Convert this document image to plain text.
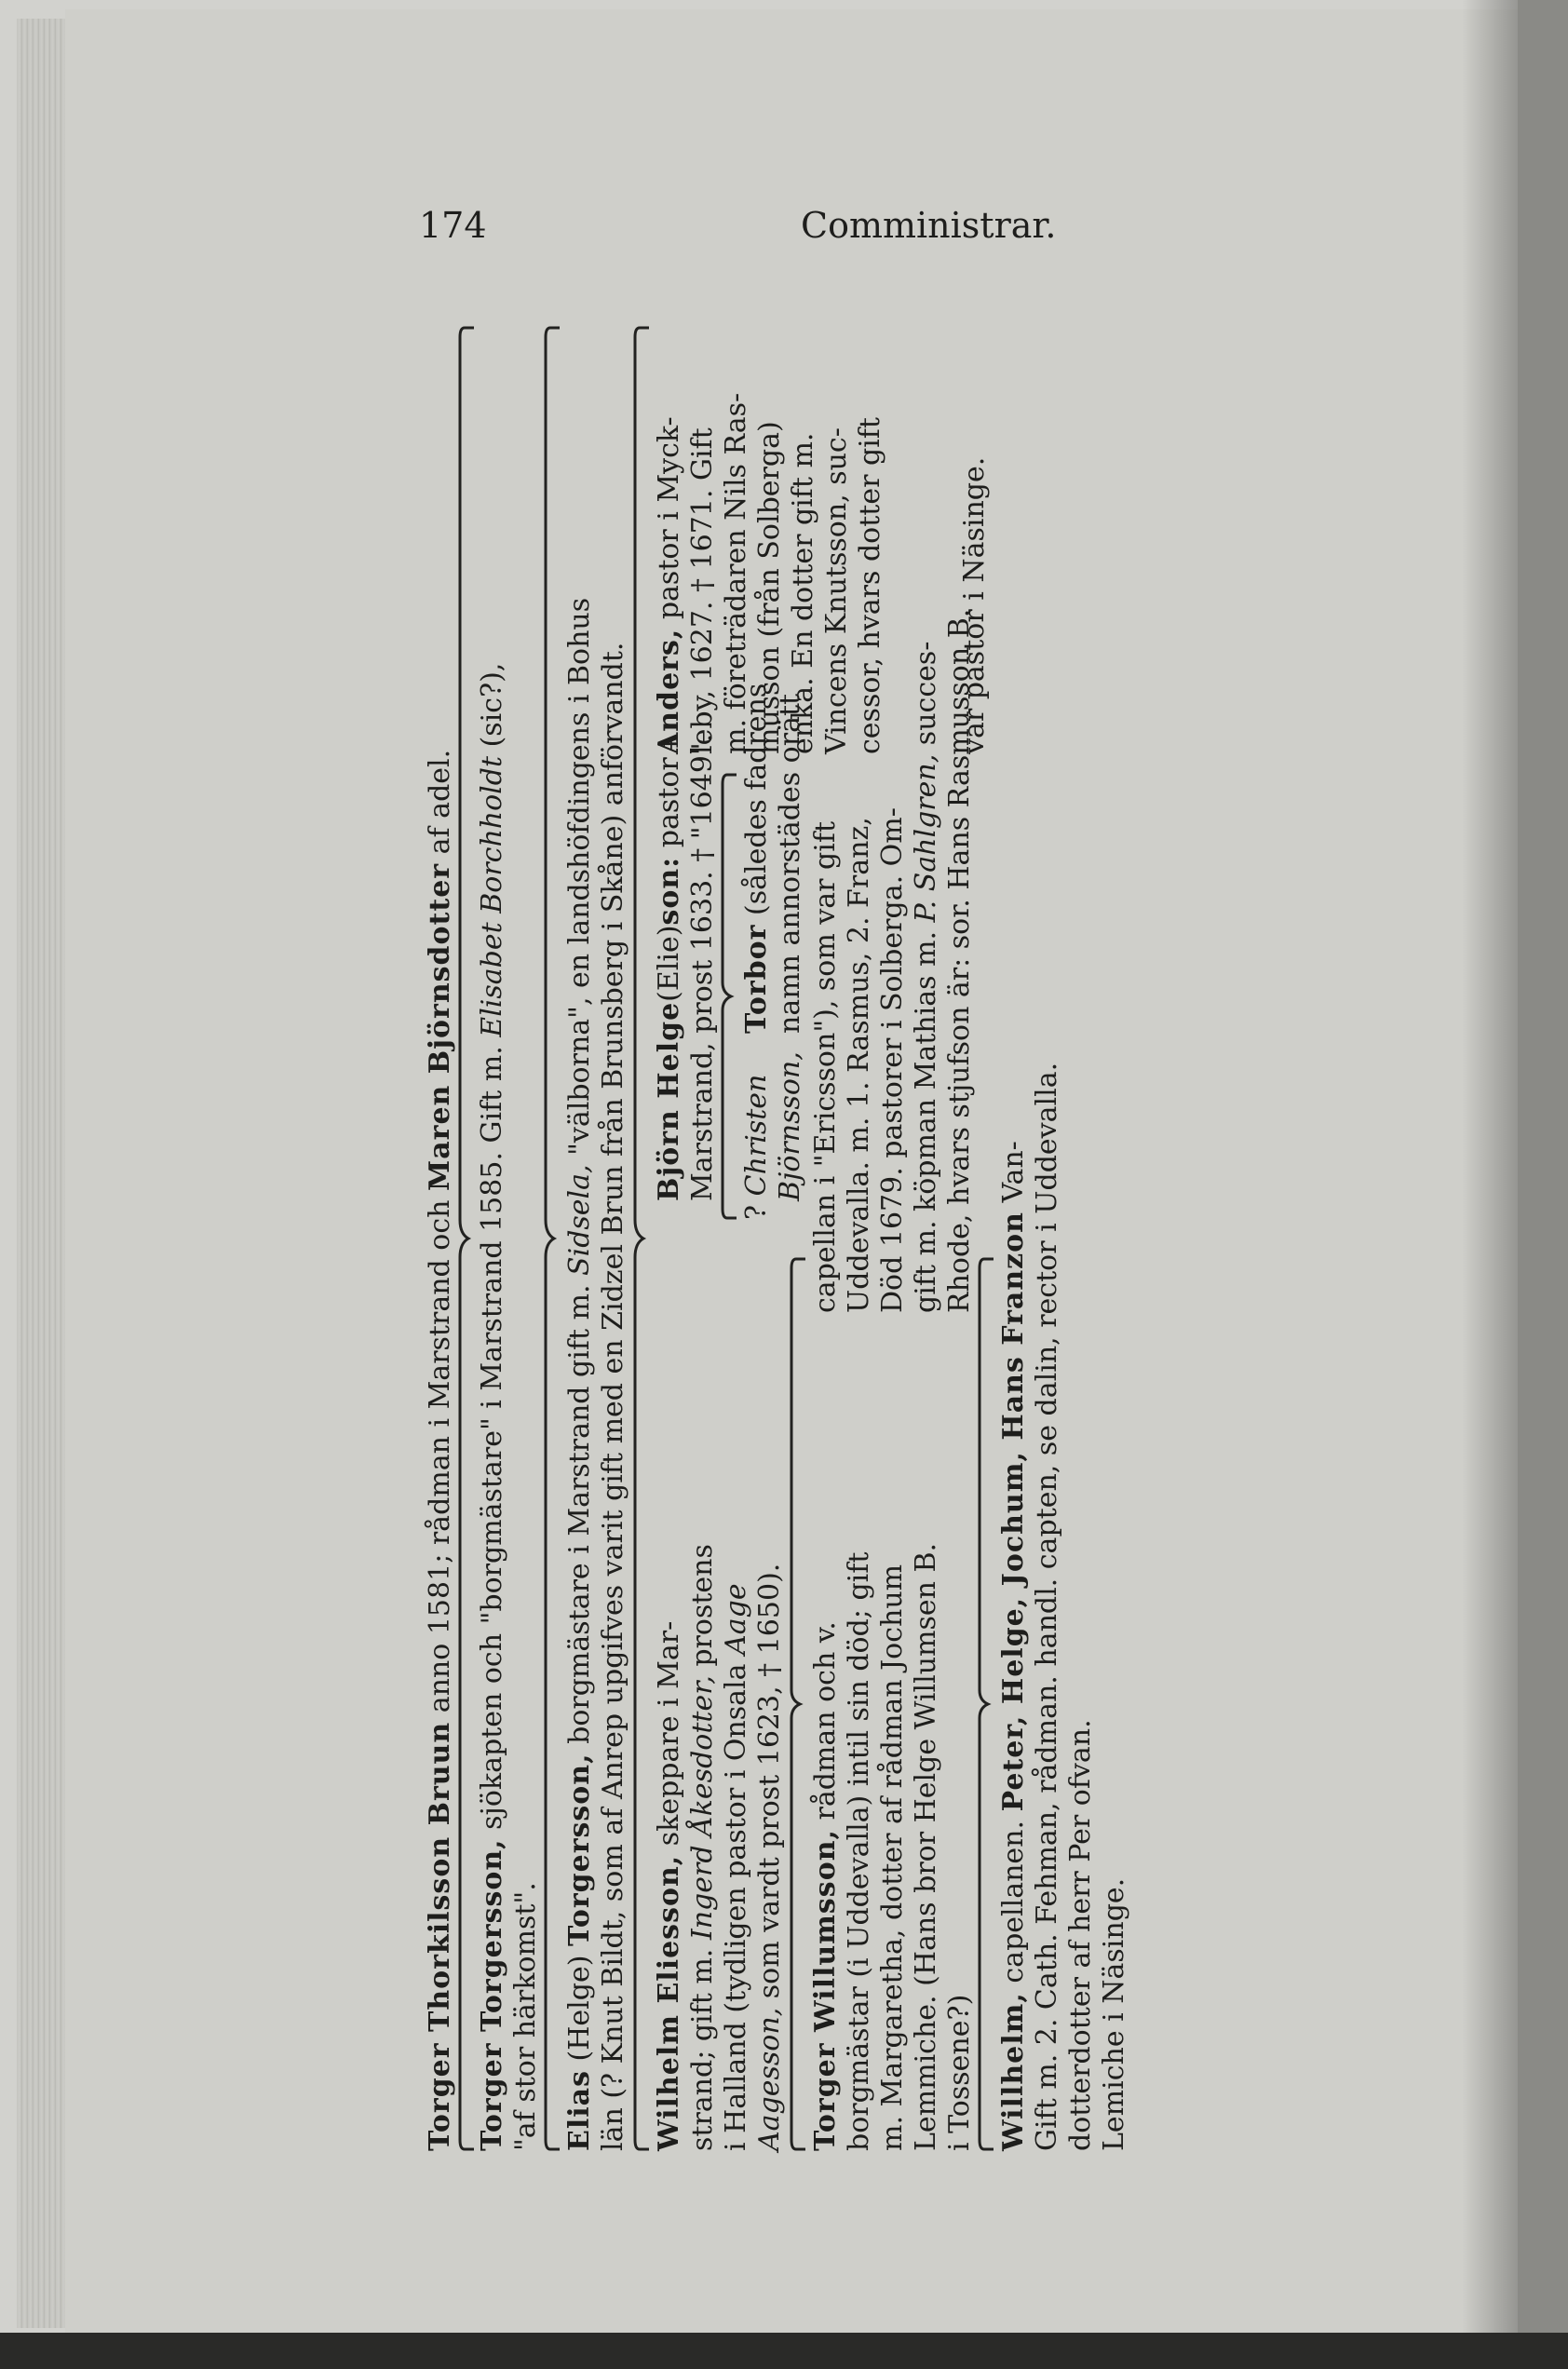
174	Comministrar.
Torger Thorkilsson Bruun anno 1581; rådman i Marstrand och Maren Björnsdotter af adel.
Torger Torgersson, sjökapten och "borgmästare" i Marstrand 1585. Gift m. Elisabet Borchholdt (sic?),
"af stor härkomst". Elias (Helge) Torgersson, borgmästare i Marstrand gift m. Sidsela, "välborna", en landshöfdingens i Bohus län (? Knut Bildt, som af Anrep upgifves varit gift med en Zidzel Brun från Brunsberg i Skåne) anförvandt. Wilhelm Eliesson, skeppare i Mar-
strand; gift m. Ingerd Åkesdotter, prostens
i Halland (tydligen pastor i Onsala Aage
Aagesson, som vardt prost 1623, † 1650).
Björn Helge(Elie)son: pastor i Marstrand, prost 1633. † "1649".
Anders, pastor i Myck- leby, 1627. † 1671. Gift m. företrädaren Nils Ras-
? Christen Björnsson,
Torbor (således fadrens namn annorstädes orätt
musson (från Solberga) enka. En dotter gift m.
Torger Willumsson, rådman och v. borgmästar (i Uddevalla) intil sin död; gift m. Margaretha, dotter af rådman Jochum Lemmiche. (Hans bror Helge Willumsen B. i Tossene?)
capellan i "Ericsson"), som var gift Uddevalla. m. 1. Rasmus, 2. Franz, Död 1679. pastorer i Solberga. Om- gift m. köpman Mathias m. P. Sahlgren, succes- Rhode, hvars stjufson är: sor. Hans Rasmusson B.
Vincens Knutsson, suc- cessor, hvars dotter gift	var pastor i Näsinge.
Willhelm, capellanen. Peter, Helge, Jochum, Hans Franzon Van- Gift m. 2. Cath. Fehman, rådman. handl. capten, se dalin, rector i Uddevalla. dotterdotter af herr Per ofvan. Lemiche i Näsinge.
